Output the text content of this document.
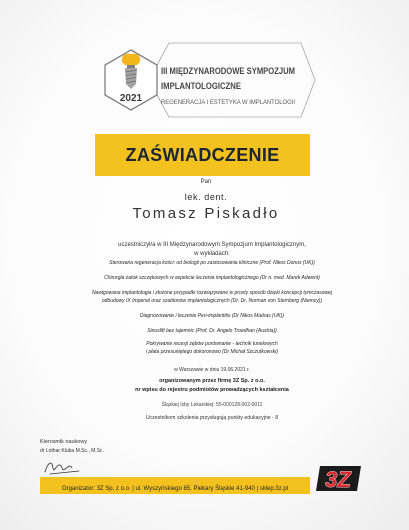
2021
III MIĘDZYNARODOWE SYMPOZJUM
IMPLANTOLOGICZNE
REGENERACJA I ESTETYKA W IMPLANTOLOGII
ZAŚWIADCZENIE
Pan
lek. dent.
Tomasz Piskadło
uczestniczył/a w III Międzynarodowym Sympozjum Implantologicznym,
w wykładach:
Sterowana regeneracja kości: od biologii po zastosowania kliniczne (Prof. Nikos Donos (UK))
Chirurgia zatok szczękowych w aspekcie leczenia implantologicznego (Dr n. med. Marek Adwent)
Nawigowana implantologia i złożone przypadki rozwiązywane w prosty sposób dzięki koncepcji tymczasowej
odbudowy IX Imperial oraz szablonów implantologicznych (Dr. Dr. Norman von Sternberg (Niemcy))
Diagnozowanie i leczenie Peri-implantitis (Dr Nikos Madras (UK))
Sinuslift bez tajemnic (Prof. Dr. Angelo Troedhan (Austria))
Pokrywanie recesji zębów porównanie - technik tunelowych
i płata przesuniętego dokoronowo (Dr Michał Szczutkowski)
w Warszawie w dniu 19.06.2021 r.
organizowanym przez firmę 3Z Sp. z o.o.
nr wpisu do rejestru podmiotów prowadzących kształcenia
Śląskiej Izby Lekarskiej: 55-000128-002-0011
Uczestnikom szkolenia przysługują punkty edukacyjne - 8
Kierownik naukowy
dr Lothar Kluba M.Sc., M.Sc.
Organizator: 3Z Sp. z o.o. | ul. Wyszyńskiego 85, Piekary Śląskie 41-940 | sklep.3z.pl	3Z
